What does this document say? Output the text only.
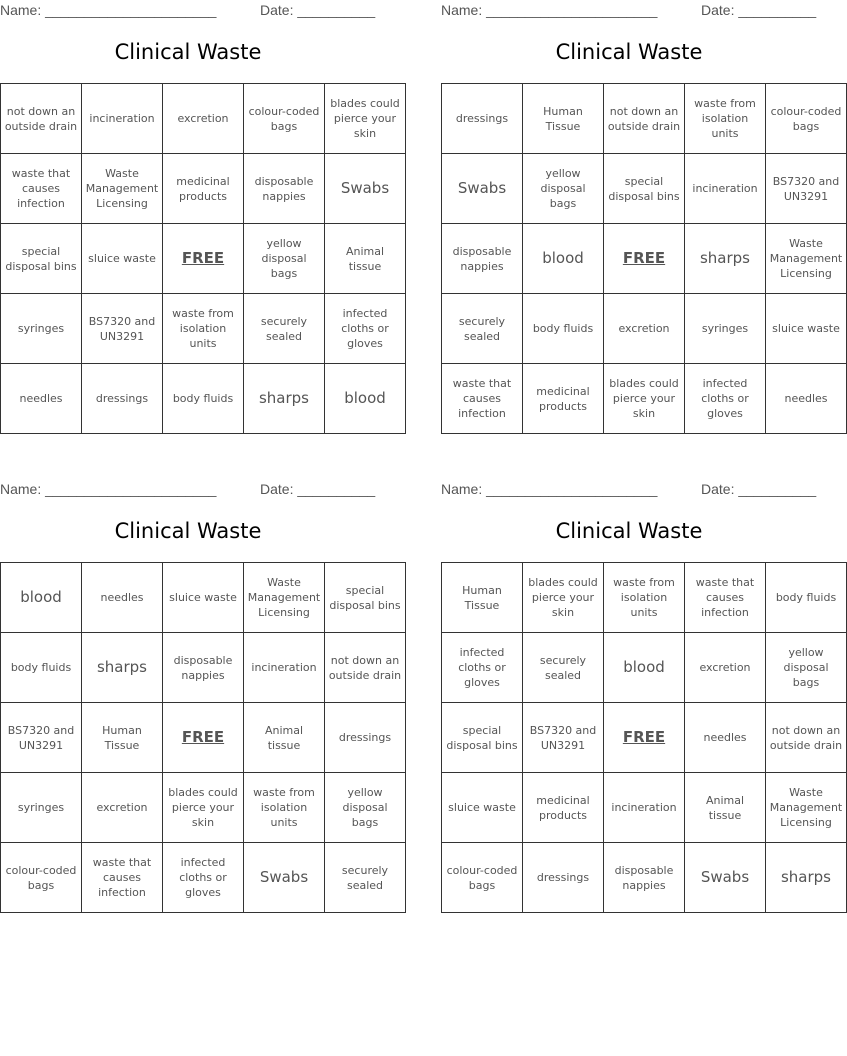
Name: ______________________	Date: __________
Clinical Waste
not down an outside drain	incineration	excretion	colour-coded bags	blades could pierce your skin
waste that causes infection	Waste Management Licensing	medicinal products	disposable nappies	Swabs
special disposal bins	sluice waste	FREE	yellow disposal bags	Animal tissue
syringes	BS7320 and UN3291	waste from isolation units	securely sealed	infected cloths or gloves
needles	dressings	body fluids	sharps	blood
Name: ______________________	Date: __________
Clinical Waste
dressings	Human Tissue	not down an outside drain	waste from isolation units	colour-coded bags
Swabs	yellow disposal bags	special disposal bins	incineration	BS7320 and UN3291
disposable nappies	blood	FREE	sharps	Waste Management Licensing
securely sealed	body fluids	excretion	syringes	sluice waste
waste that causes infection	medicinal products	blades could pierce your skin	infected cloths or gloves	needles
Name: ______________________	Date: __________
Clinical Waste
blood	needles	sluice waste	Waste Management Licensing	special disposal bins
body fluids	sharps	disposable nappies	incineration	not down an outside drain
BS7320 and UN3291	Human Tissue	FREE	Animal tissue	dressings
syringes	excretion	blades could pierce your skin	waste from isolation units	yellow disposal bags
colour-coded bags	waste that causes infection	infected cloths or gloves	Swabs	securely sealed
Name: ______________________	Date: __________
Clinical Waste
Human Tissue	blades could pierce your skin	waste from isolation units	waste that causes infection	body fluids
infected cloths or gloves	securely sealed	blood	excretion	yellow disposal bags
special disposal bins	BS7320 and UN3291	FREE	needles	not down an outside drain
sluice waste	medicinal products	incineration	Animal tissue	Waste Management Licensing
colour-coded bags	dressings	disposable nappies	Swabs	sharps
